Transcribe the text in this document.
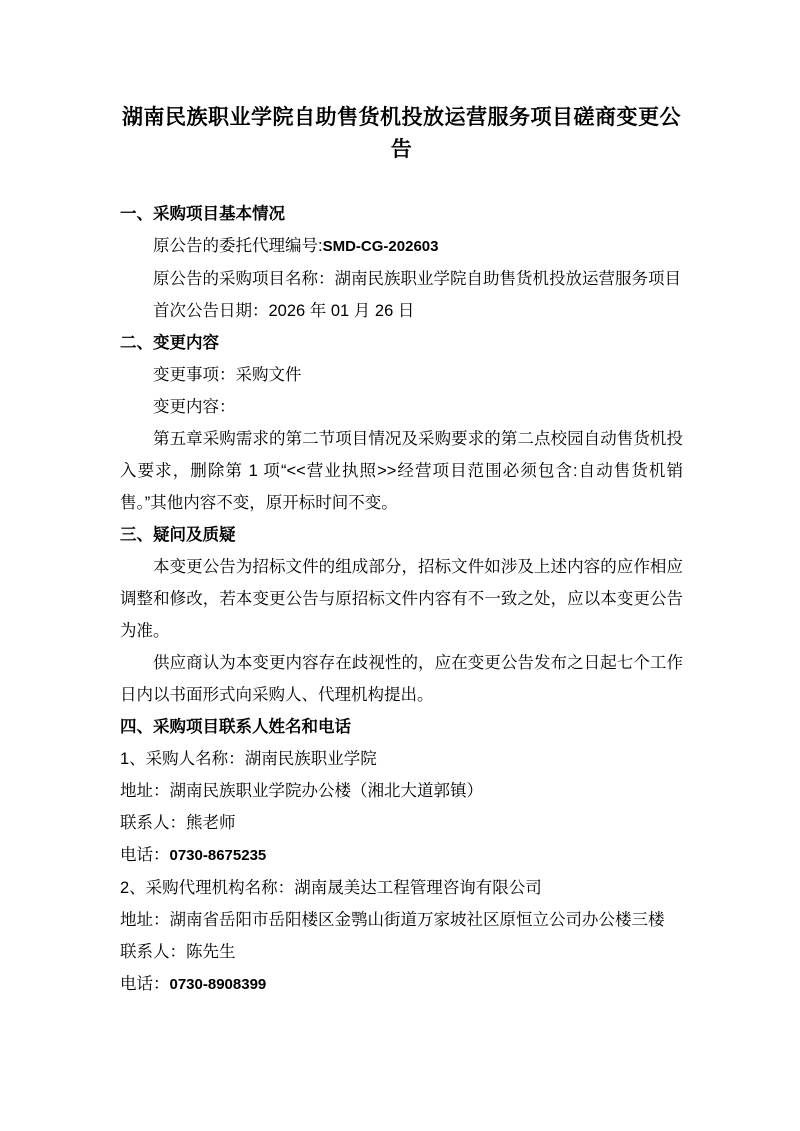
湖南民族职业学院自助售货机投放运营服务项目磋商变更公告
一、采购项目基本情况

原公告的委托代理编号:SMD-CG-202603

原公告的采购项目名称：湖南民族职业学院自助售货机投放运营服务项目

首次公告日期：2026 年 01 月 26 日

二、变更内容

变更事项：采购文件

变更内容：

第五章采购需求的第二节项目情况及采购要求的第二点校园自动售货机投入要求，删除第 1 项“<<营业执照>>经营项目范围必须包含:自动售货机销售。”其他内容不变，原开标时间不变。

三、疑问及质疑

本变更公告为招标文件的组成部分，招标文件如涉及上述内容的应作相应调整和修改，若本变更公告与原招标文件内容有不一致之处，应以本变更公告为准。

供应商认为本变更内容存在歧视性的，应在变更公告发布之日起七个工作日内以书面形式向采购人、代理机构提出。

四、采购项目联系人姓名和电话

1、采购人名称：湖南民族职业学院

地址：湖南民族职业学院办公楼（湘北大道郭镇）

联系人：熊老师

电话：0730-8675235

2、采购代理机构名称：湖南晟美达工程管理咨询有限公司

地址：湖南省岳阳市岳阳楼区金鹗山街道万家坡社区原恒立公司办公楼三楼

联系人：陈先生

电话：0730-8908399
